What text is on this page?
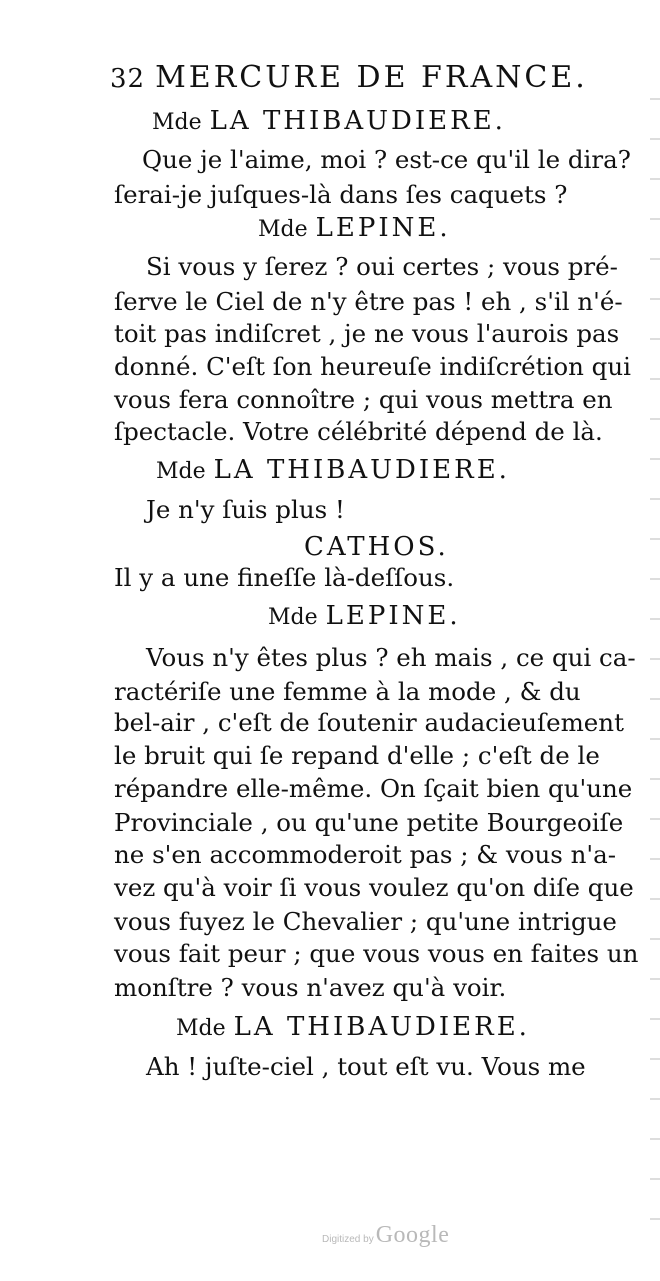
32 MERCURE DE FRANCE.
Mde LA THIBAUDIERE.
Que je l'aime, moi ? est-ce qu'il le dira?
ſerai-je juſques-là dans ſes caquets ?
Mde LEPINE.
Si vous y ſerez ? oui certes ; vous pré-
ſerve le Ciel de n'y être pas ! eh , s'il n'é-
toit pas indiſcret , je ne vous l'aurois pas
donné. C'eſt ſon heureuſe indiſcrétion qui
vous fera connoître ; qui vous mettra en
ſpectacle. Votre célébrité dépend de là.
Mde LA THIBAUDIERE.
Je n'y ſuis plus !
CATHOS.
Il y a une fineſſe là-deſſous.
Mde LEPINE.
Vous n'y êtes plus ? eh mais , ce qui ca-
ractériſe une femme à la mode , & du
bel-air , c'eſt de ſoutenir audacieuſement
le bruit qui ſe repand d'elle ; c'eſt de le
répandre elle-même. On ſçait bien qu'une
Provinciale , ou qu'une petite Bourgeoiſe
ne s'en accommoderoit pas ; & vous n'a-
vez qu'à voir ſi vous voulez qu'on diſe que
vous fuyez le Chevalier ; qu'une intrigue
vous fait peur ; que vous vous en faites un
monſtre ? vous n'avez qu'à voir.
Mde LA THIBAUDIERE.
Ah ! juſte-ciel , tout eſt vu. Vous me
Digitized by Google
